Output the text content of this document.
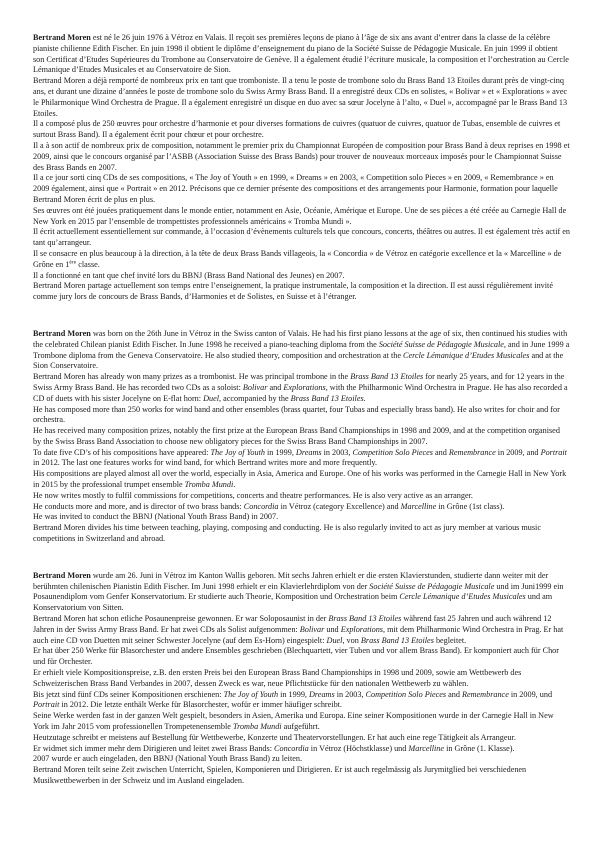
Bertrand Moren est né le 26 juin 1976 à Vétroz en Valais. Il reçoit ses premières leçons de piano à l’âge de six ans avant d’entrer dans la classe de la célèbre pianiste chilienne Edith Fischer. En juin 1998 il obtient le diplôme d’enseignement du piano de la Société Suisse de Pédagogie Musicale. En juin 1999 il obtient son Certificat d’Etudes Supérieures du Trombone au Conservatoire de Genève. Il a également étudié l’écriture musicale, la composition et l’orchestration au Cercle Lémanique d’Etudes Musicales et au Conservatoire de Sion.
Bertrand Moren a déjà remporté de nombreux prix en tant que tromboniste. Il a tenu le poste de trombone solo du Brass Band 13 Etoiles durant près de vingt-cinq ans, et durant une dizaine d’années le poste de trombone solo du Swiss Army Brass Band. Il a enregistré deux CDs en solistes, « Bolivar » et « Explorations » avec le Philarmonique Wind Orchestra de Prague. Il a également enregistré un disque en duo avec sa sœur Jocelyne à l’alto, « Duel », accompagné par le Brass Band 13 Etoiles.
Il a composé plus de 250 œuvres pour orchestre d’harmonie et pour diverses formations de cuivres (quatuor de cuivres, quatuor de Tubas, ensemble de cuivres et surtout Brass Band). Il a également écrit pour chœur et pour orchestre.
Il a à son actif de nombreux prix de composition, notamment le premier prix du Championnat Européen de composition pour Brass Band à deux reprises en 1998 et 2009, ainsi que le concours organisé par l’ASBB (Association Suisse des Brass Bands) pour trouver de nouveaux morceaux imposés pour le Championnat Suisse des Brass Bands en 2007.
Il a ce jour sorti cinq CDs de ses compositions, « The Joy of Youth » en 1999, « Dreams » en 2003, « Competition solo Pieces » en 2009, « Remembrance » en 2009 également, ainsi que « Portrait » en 2012. Précisons que ce dernier présente des compositions et des arrangements pour Harmonie, formation pour laquelle Bertrand Moren écrit de plus en plus.
Ses œuvres ont été jouées pratiquement dans le monde entier, notamment en Asie, Océanie, Amérique et Europe. Une de ses pièces a été créée au Carnegie Hall de New York en 2015 par l’ensemble de trompettistes professionnels américains « Tromba Mundi ».
Il écrit actuellement essentiellement sur commande, à l’occasion d’évènements culturels tels que concours, concerts, théâtres ou autres. Il est également très actif en tant qu’arrangeur.
Il se consacre en plus beaucoup à la direction, à la tête de deux Brass Bands villageois, la « Concordia » de Vétroz en catégorie excellence et la « Marcelline » de Grône en 1ère classe.
Il a fonctionné en tant que chef invité lors du BBNJ (Brass Band National des Jeunes) en 2007.
Bertrand Moren partage actuellement son temps entre l’enseignement, la pratique instrumentale, la composition et la direction. Il est aussi régulièrement invité comme jury lors de concours de Brass Bands, d’Harmonies et de Solistes, en Suisse et à l’étranger.
Bertrand Moren was born on the 26th June in Vétroz in the Swiss canton of Valais. He had his first piano lessons at the age of six, then continued his studies with the celebrated Chilean pianist Edith Fischer. In June 1998 he received a piano-teaching diploma from the Société Suisse de Pédagogie Musicale, and in June 1999 a Trombone diploma from the Geneva Conservatoire. He also studied theory, composition and orchestration at the Cercle Lémanique d’Etudes Musicales and at the Sion Conservatoire.
Bertrand Moren has already won many prizes as a trombonist. He was principal trombone in the Brass Band 13 Etoiles for nearly 25 years, and for 12 years in the Swiss Army Brass Band. He has recorded two CDs as a soloist: Bolivar and Explorations, with the Philharmonic Wind Orchestra in Prague. He has also recorded a CD of duets with his sister Jocelyne on E-flat horn: Duel, accompanied by the Brass Band 13 Etoiles.
He has composed more than 250 works for wind band and other ensembles (brass quartet, four Tubas and especially brass band). He also writes for choir and for orchestra.
He has received many composition prizes, notably the first prize at the European Brass Band Championships in 1998 and 2009, and at the competition organised by the Swiss Brass Band Association to choose new obligatory pieces for the Swiss Brass Band Championships in 2007.
To date five CD’s of his compositions have appeared: The Joy of Youth in 1999, Dreams in 2003, Competition Solo Pieces and Remembrance in 2009, and Portrait in 2012. The last one features works for wind band, for which Bertrand writes more and more frequently.
His compositions are played almost all over the world, especially in Asia, America and Europe. One of his works was performed in the Carnegie Hall in New York in 2015 by the professional trumpet ensemble Tromba Mundi.
He now writes mostly to fulfil commissions for competitions, concerts and theatre performances. He is also very active as an arranger.
He conducts more and more, and is director of two brass bands: Concordia in Vétroz (category Excellence) and Marcelline in Grône (1st class).
He was invited to conduct the BBNJ (National Youth Brass Band) in 2007.
Bertrand Moren divides his time between teaching, playing, composing and conducting. He is also regularly invited to act as jury member at various music competitions in Switzerland and abroad.
Bertrand Moren wurde am 26. Juni in Vétroz im Kanton Wallis geboren. Mit sechs Jahren erhielt er die ersten Klavierstunden, studierte dann weiter mit der berühmten chilenischen Pianistin Edith Fischer. Im Juni 1998 erhielt er ein Klavierlehrdiplom von der Société Suisse de Pédagogie Musicale und im Juni1999 ein Posaunendiplom vom Genfer Konservatorium. Er studierte auch Theorie, Komposition und Orchestration beim Cercle Lémanique d’Etudes Musicales und am Konservatorium von Sitten.
Bertrand Moren hat schon etliche Posaunenpreise gewonnen. Er war Soloposaunist in der Brass Band 13 Etoiles während fast 25 Jahren und auch während 12 Jahren in der Swiss Army Brass Band. Er hat zwei CDs als Solist aufgenommen: Bolivar und Explorations, mit dem Philharmonic Wind Orchestra in Prag. Er hat auch eine CD von Duetten mit seiner Schwester Jocelyne (auf dem Es-Horn) eingespielt: Duel, von Brass Band 13 Etoiles begleitet.
Er hat über 250 Werke für Blasorchester und andere Ensembles geschrieben (Blechquartett, vier Tuben und vor allem Brass Band). Er komponiert auch für Chor und für Orchester.
Er erhielt viele Kompositionspreise, z.B. den ersten Preis bei den European Brass Band Championships in 1998 und 2009, sowie am Wettbewerb des Schweizerischen Brass Band Verbandes in 2007, dessen Zweck es war, neue Pflichtstücke für den nationalen Wettbewerb zu wählen.
Bis jetzt sind fünf CDs seiner Kompositionen erschienen: The Joy of Youth in 1999, Dreams in 2003, Competition Solo Pieces and Remembrance in 2009, und Portrait in 2012. Die letzte enthält Werke für Blasorchester, wofür er immer häufiger schreibt.
Seine Werke werden fast in der ganzen Welt gespielt, besonders in Asien, Amerika und Europa. Eine seiner Kompositionen wurde in der Carnegie Hall in New York im Jahr 2015 vom professionellen Trompetenensemble Tromba Mundi aufgeführt.
Heutzutage schreibt er meistens auf Bestellung für Wettbewerbe, Konzerte und Theatervorstellungen. Er hat auch eine rege Tätigkeit als Arrangeur.
Er widmet sich immer mehr dem Dirigieren und leitet zwei Brass Bands: Concordia in Vétroz (Höchstklasse) und Marcelline in Grône (1. Klasse).
2007 wurde er auch eingeladen, den BBNJ (National Youth Brass Band) zu leiten.
Bertrand Moren teilt seine Zeit zwischen Unterricht, Spielen, Komponieren und Dirigieren. Er ist auch regelmässig als Jurymitglied bei verschiedenen Musikwettbewerben in der Schweiz und im Ausland eingeladen.
